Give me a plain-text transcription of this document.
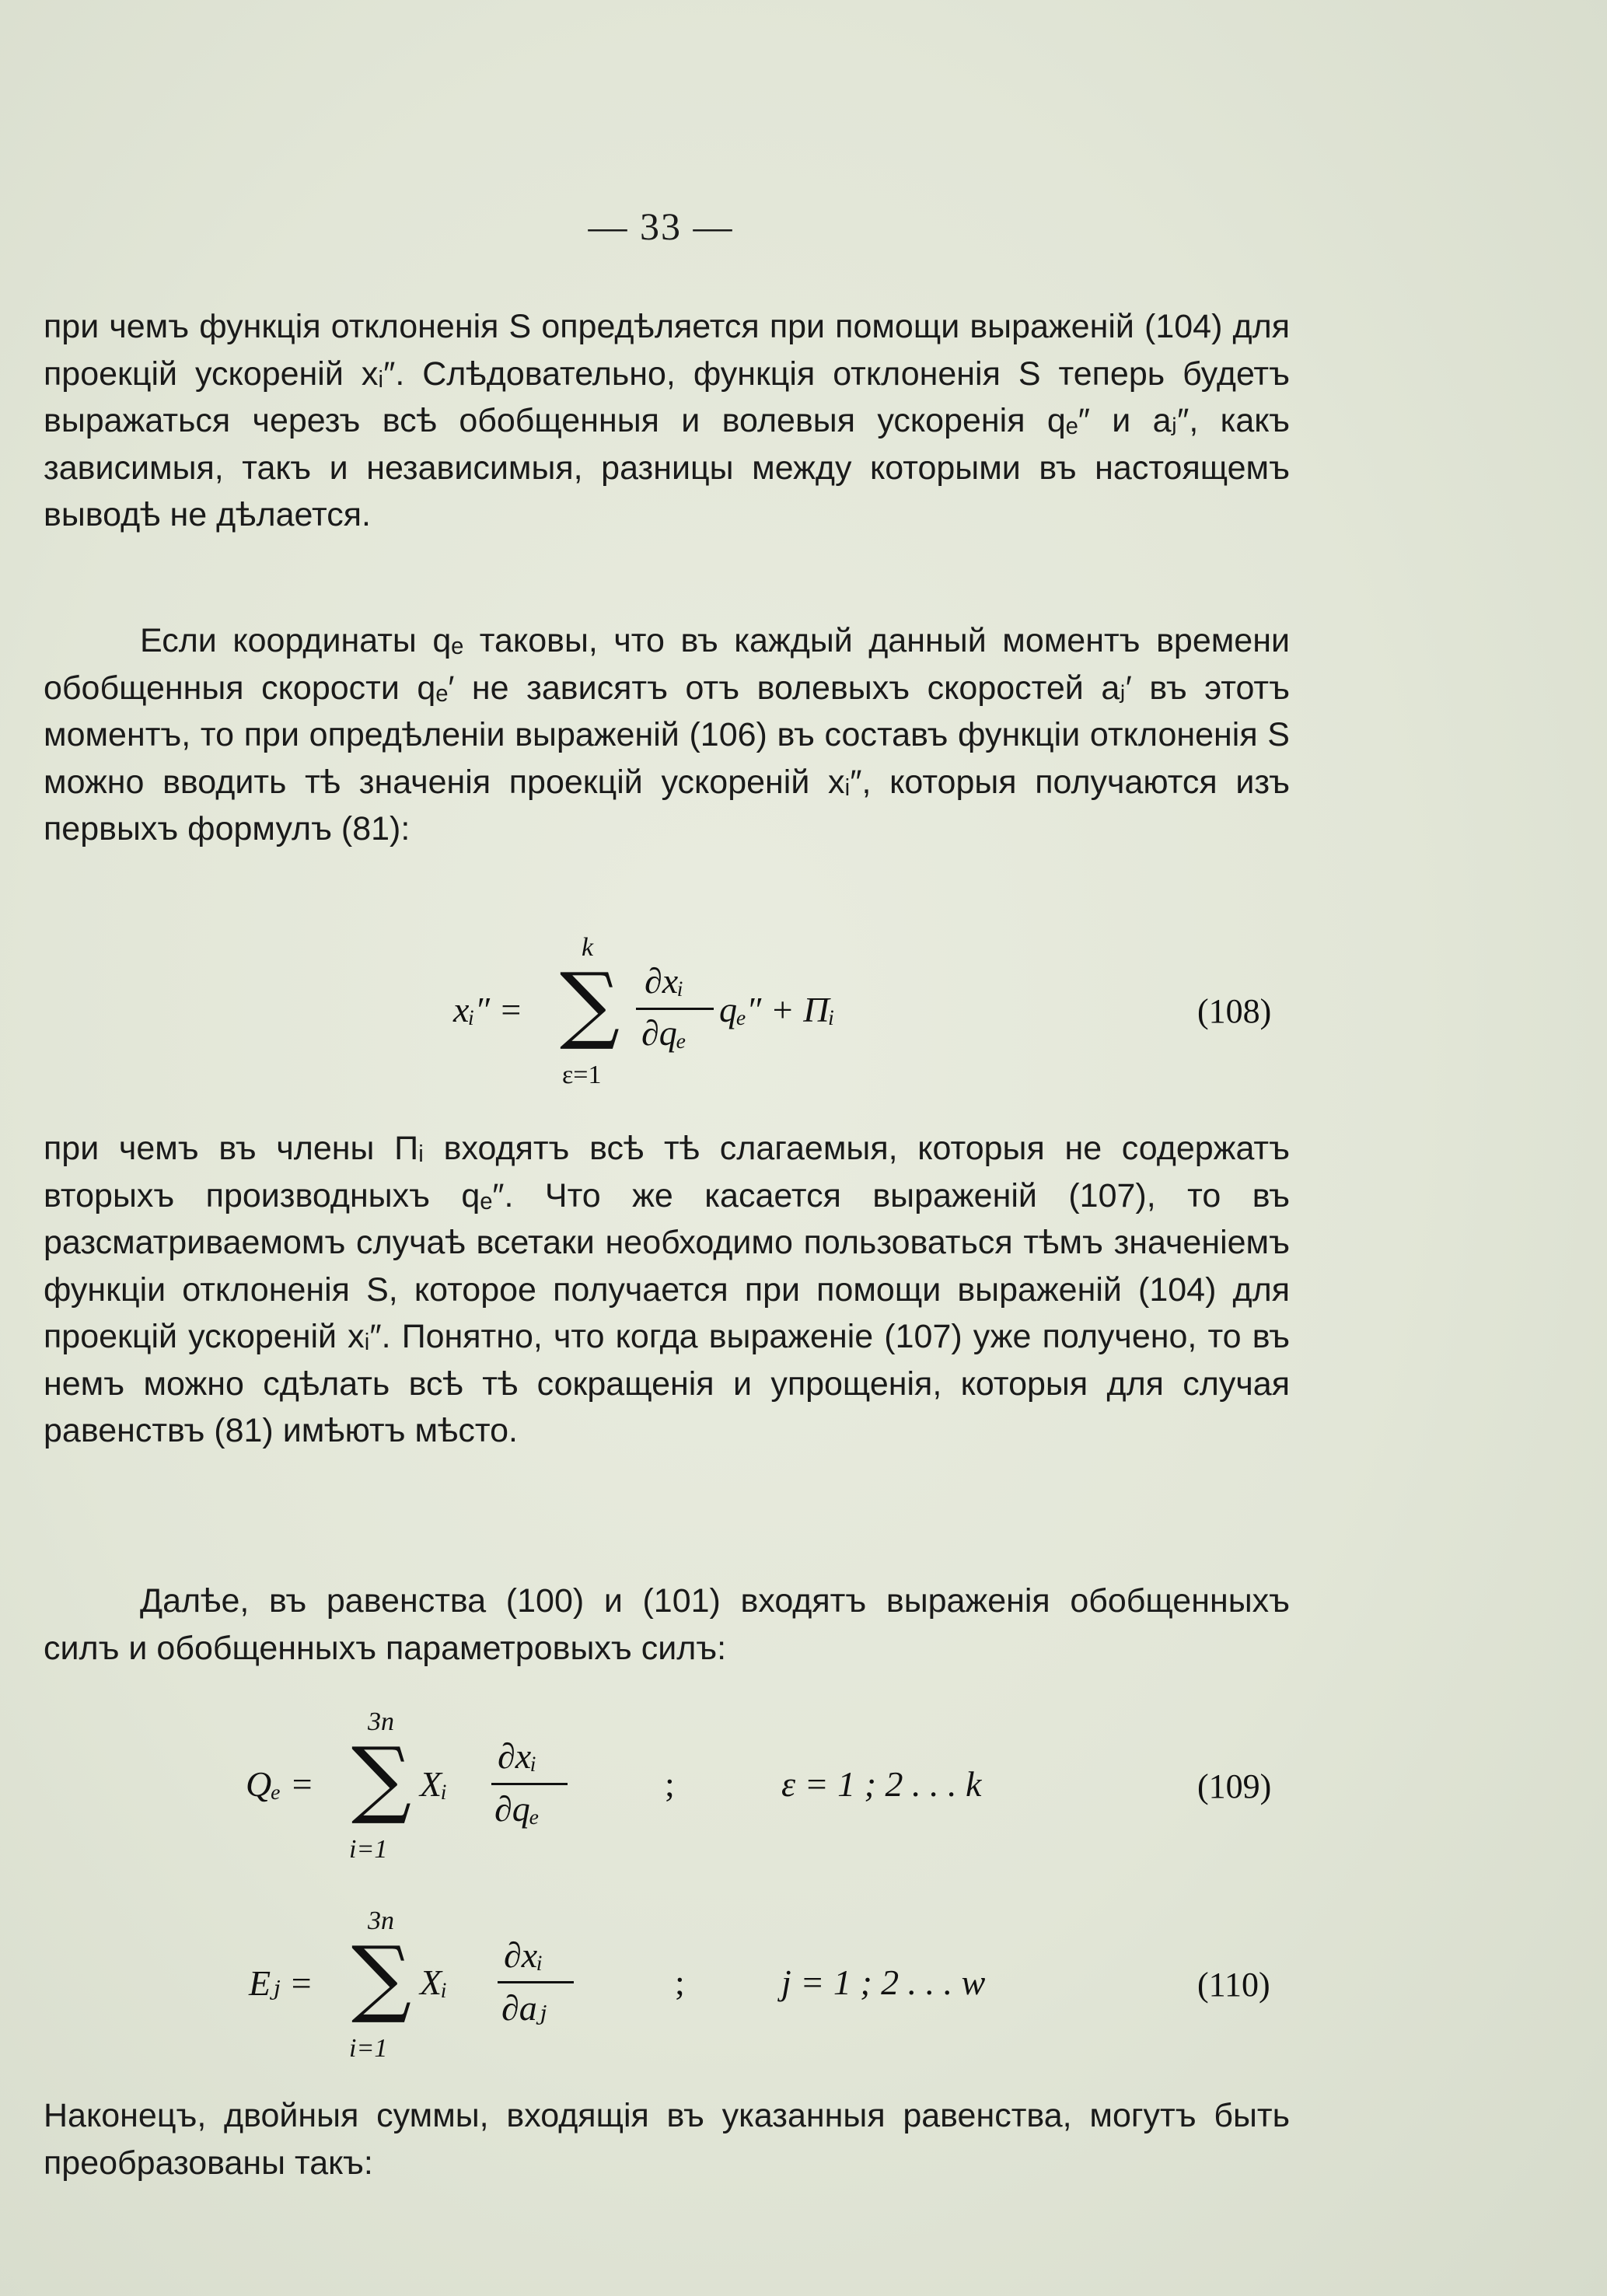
— 33 —
при чемъ функція отклоненія S опредѣляется при помощи выраженій (104) для проекцій ускореній xᵢ″. Слѣдовательно, функція отклоненія S теперь будетъ выражаться черезъ всѣ обобщенныя и волевыя ускоренія qₑ″ и aⱼ″, какъ зависимыя, такъ и независимыя, разницы между которыми въ настоящемъ выводѣ не дѣлается.
Если координаты qₑ таковы, что въ каждый данный моментъ времени обобщенныя скорости qₑ′ не зависятъ отъ волевыхъ скоростей aⱼ′ въ этотъ моментъ, то при опредѣленіи выраженій (106) въ составъ функціи отклоненія S можно вводить тѣ значенія проекцій ускореній xᵢ″, которыя получаются изъ первыхъ формулъ (81):
xᵢ″ =
k
∑
ε=1
∂xᵢ
∂qₑ
qₑ″ + Πᵢ	(108)
при чемъ въ члены Πᵢ входятъ всѣ тѣ слагаемыя, которыя не содержатъ вторыхъ производныхъ qₑ″. Что же касается выраженій (107), то въ разсматриваемомъ случаѣ всетаки необходимо пользоваться тѣмъ значеніемъ функціи отклоненія S, которое получается при помощи выраженій (104) для проекцій ускореній xᵢ″. Понятно, что когда выраженіе (107) уже получено, то въ немъ можно сдѣлать всѣ тѣ сокращенія и упрощенія, которыя для случая равенствъ (81) имѣютъ мѣсто.
Далѣе, въ равенства (100) и (101) входятъ выраженія обобщенныхъ силъ и обобщенныхъ параметровыхъ силъ:
Qₑ =
3n
∑
i=1
Xᵢ
∂xᵢ
∂qₑ
;	ε = 1 ; 2 . . . k	(109)
Eⱼ =
3n
∑
i=1
Xᵢ
∂xᵢ
∂aⱼ
;	j = 1 ; 2 . . . w	(110)
Наконецъ, двойныя суммы, входящія въ указанныя равенства, могутъ быть преобразованы такъ:
